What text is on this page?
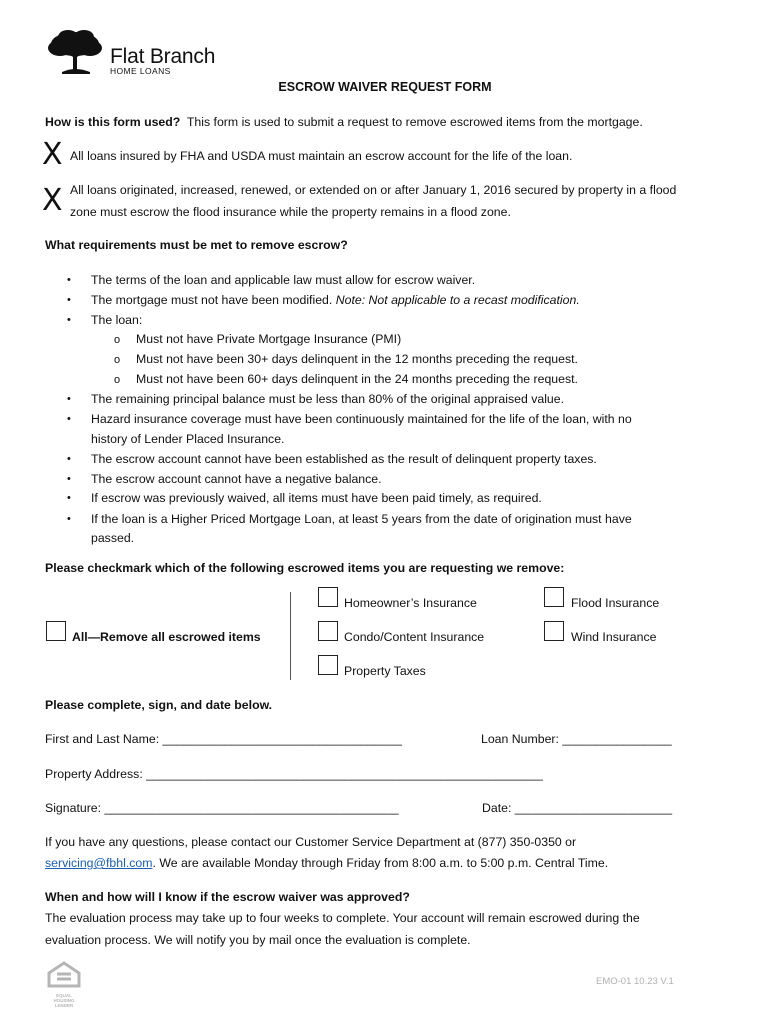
Flat Branch
HOME LOANS
ESCROW WAIVER REQUEST FORM
How is this form used? This form is used to submit a request to remove escrowed items from the mortgage.
X All loans insured by FHA and USDA must maintain an escrow account for the life of the loan.
X All loans originated, increased, renewed, or extended on or after January 1, 2016 secured by property in a flood
zone must escrow the flood insurance while the property remains in a flood zone.
What requirements must be met to remove escrow?
• The terms of the loan and applicable law must allow for escrow waiver.
• The mortgage must not have been modified. Note: Not applicable to a recast modification.
• The loan:
o Must not have Private Mortgage Insurance (PMI)
o Must not have been 30+ days delinquent in the 12 months preceding the request.
o Must not have been 60+ days delinquent in the 24 months preceding the request.
• The remaining principal balance must be less than 80% of the original appraised value.
• Hazard insurance coverage must have been continuously maintained for the life of the loan, with no
history of Lender Placed Insurance.
• The escrow account cannot have been established as the result of delinquent property taxes.
• The escrow account cannot have a negative balance.
• If escrow was previously waived, all items must have been paid timely, as required.
• If the loan is a Higher Priced Mortgage Loan, at least 5 years from the date of origination must have
passed.
Please checkmark which of the following escrowed items you are requesting we remove:
All—Remove all escrowed items
Homeowner’s Insurance	Flood Insurance
Condo/Content Insurance	Wind Insurance
Property Taxes
Please complete, sign, and date below.
First and Last Name: ___________________________________	Loan Number: ________________
Property Address: __________________________________________________________
Signature: ___________________________________________	Date: _______________________
If you have any questions, please contact our Customer Service Department at (877) 350-0350 or
servicing@fbhl.com. We are available Monday through Friday from 8:00 a.m. to 5:00 p.m. Central Time.
When and how will I know if the escrow waiver was approved?
The evaluation process may take up to four weeks to complete. Your account will remain escrowed during the
evaluation process. We will notify you by mail once the evaluation is complete.
EQUAL HOUSING LENDER
EMO-01 10.23 V.1
